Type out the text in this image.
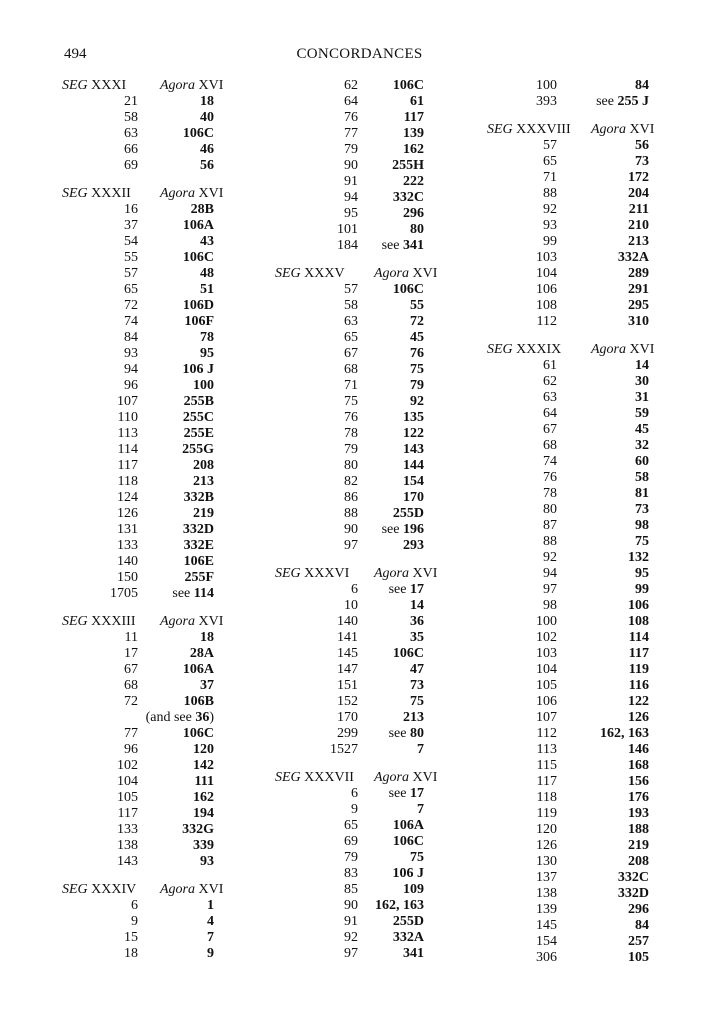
494	CONCORDANCES
SEG XXXI Agora XVI
21	18
58	40
63	106C
66	46
69	56
SEG XXXII Agora XVI
16	28B
37	106A
54	43
55	106C
57	48
65	51
72	106D
74	106F
84	78
93	95
94	106 J
96	100
107	255B
110	255C
113	255E
114	255G
117	208
118	213
124	332B
126	219
131	332D
133	332E
140	106E
150	255F
1705 see 114
SEG XXXIII Agora XVI
11	18
17	28A
67	106A
68	37
72	106B
(and see 36)
77	106C
96	120
102	142
104	111
105	162
117	194
133	332G
138	339
143	93
SEG XXXIV Agora XVI
6	1
9	4
15	7
18	9
62 106C
64	61
76	117
77	139
79	162
90 255H
91	222
94 332C
95	296
101	80
184 see 341
SEG XXXV Agora XVI
57 106C
58	55
63	72
65	45
67	76
68	75
71	79
75	92
76	135
78	122
79	143
80	144
82	154
86	170
88 255D
90 see 196
97	293
SEG XXXVI Agora XVI
6 see 17
10	14
140	36
141	35
145 106C
147	47
151	73
152	75
170	213
299 see 80
1527	7
SEG XXXVII Agora XVI
6 see 17
9	7
65 106A
69 106C
79	75
83 106 J
85	109
90 162, 163
91 255D
92 332A
97	341
100	84
393	see 255 J
SEG XXXVIII Agora XVI
57	56
65	73
71	172
88	204
92	211
93	210
99	213
103	332A
104	289
106	291
108	295
112	310
SEG XXXIX Agora XVI
61	14
62	30
63	31
64	59
67	45
68	32
74	60
76	58
78	81
80	73
87	98
88	75
92	132
94	95
97	99
98	106
100	108
102	114
103	117
104	119
105	116
106	122
107	126
112	162, 163
113	146
115	168
117	156
118	176
119	193
120	188
126	219
130	208
137	332C
138	332D
139	296
145	84
154	257
306	105
